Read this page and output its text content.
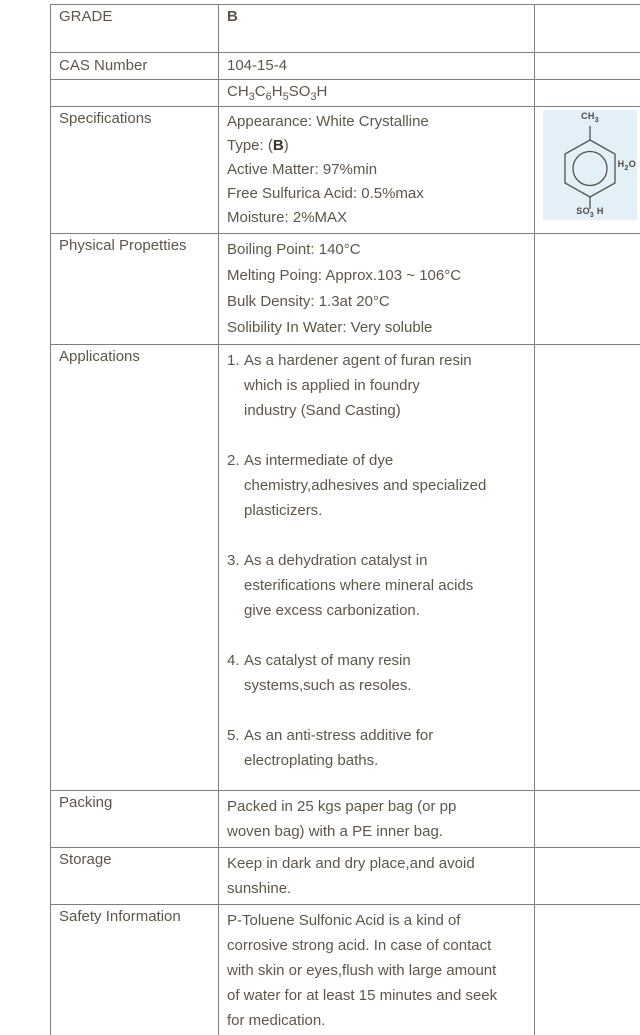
GRADE	B	
CAS Number	104-15-4	
	$CH_3C_6H_5SO_3H$	
Specifications	Appearance: White Crystalline
Type: (B)
Active Matter: 97%min
Free Sulfurica Acid: 0.5%max
Moisture: 2%MAX

$CH_3$
$H_2O$
$SO_3$ H

Physical Propetties	Boiling Point: 140°C
Melting Poing: Approx.103 ~ 106°C
Bulk Density: 1.3at 20°C
Solibility In Water: Very soluble	

Applications	1. As a hardener agent of furan resin
which is applied in foundry
industry (Sand Casting)
2. As intermediate of dye
chemistry,adhesives and specialized
plasticizers.
3. As a dehydration catalyst in
esterifications where mineral acids
give excess carbonization.
4. As catalyst of many resin
systems,such as resoles.
5. As an anti-stress additive for
electroplating baths.

Packing	Packed in 25 kgs paper bag (or pp
woven bag) with a PE inner bag.	

Storage	Keep in dark and dry place,and avoid
sunshine.	

Safety Information	P-Toluene Sulfonic Acid is a kind of
corrosive strong acid. In case of contact
with skin or eyes,flush with large amount
of water for at least 15 minutes and seek
for medication.	
